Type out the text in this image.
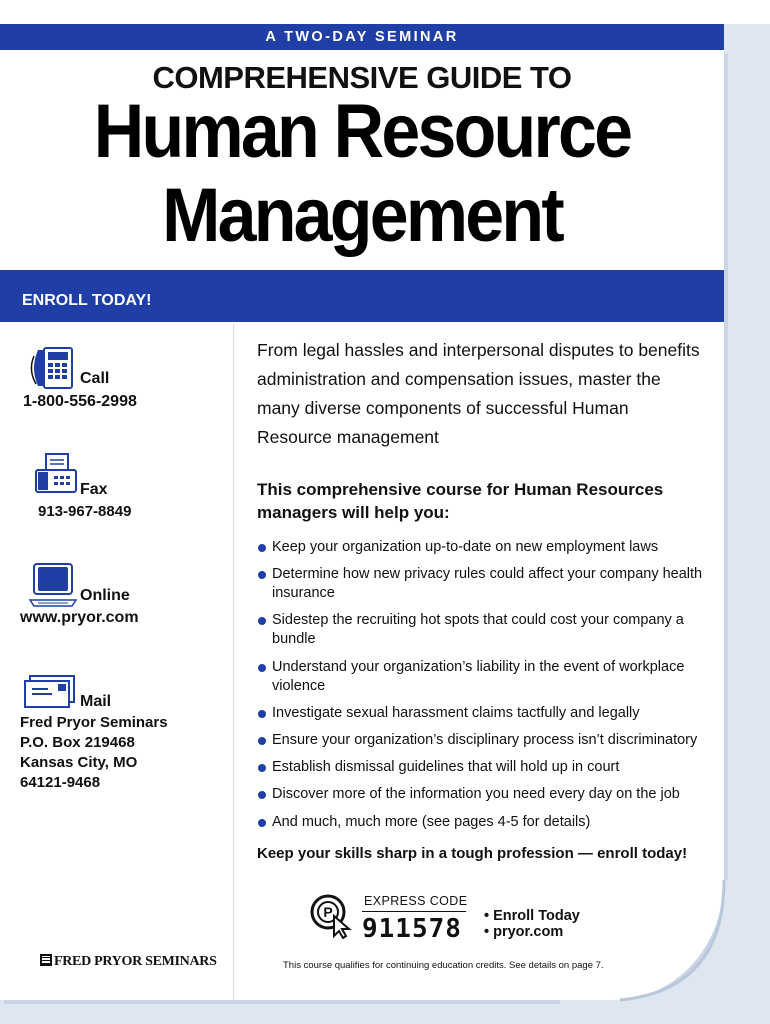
A TWO-DAY SEMINAR
COMPREHENSIVE GUIDE TO
Human Resource
Management
ENROLL TODAY!
Call
1-800-556-2998
Fax
913-967-8849
Online
www.pryor.com
Mail
Fred Pryor Seminars
P.O. Box 219468
Kansas City, MO
64121-9468
FRED PRYOR SEMINARS
From legal hassles and interpersonal disputes to benefits administration and compensation issues, master the many diverse components of successful Human Resource management
This comprehensive course for Human Resources managers will help you:
Keep your organization up-to-date on new employment laws
Determine how new privacy rules could affect your company health insurance
Sidestep the recruiting hot spots that could cost your company a bundle
Understand your organization’s liability in the event of workplace violence
Investigate sexual harassment claims tactfully and legally
Ensure your organization’s disciplinary process isn’t discriminatory
Establish dismissal guidelines that will hold up in court
Discover more of the information you need every day on the job
And much, much more (see pages 4-5 for details)
Keep your skills sharp in a tough profession — enroll today!
P
EXPRESS CODE
911578 • Enroll Today
• pryor.com
This course qualifies for continuing education credits. See details on page 7.
